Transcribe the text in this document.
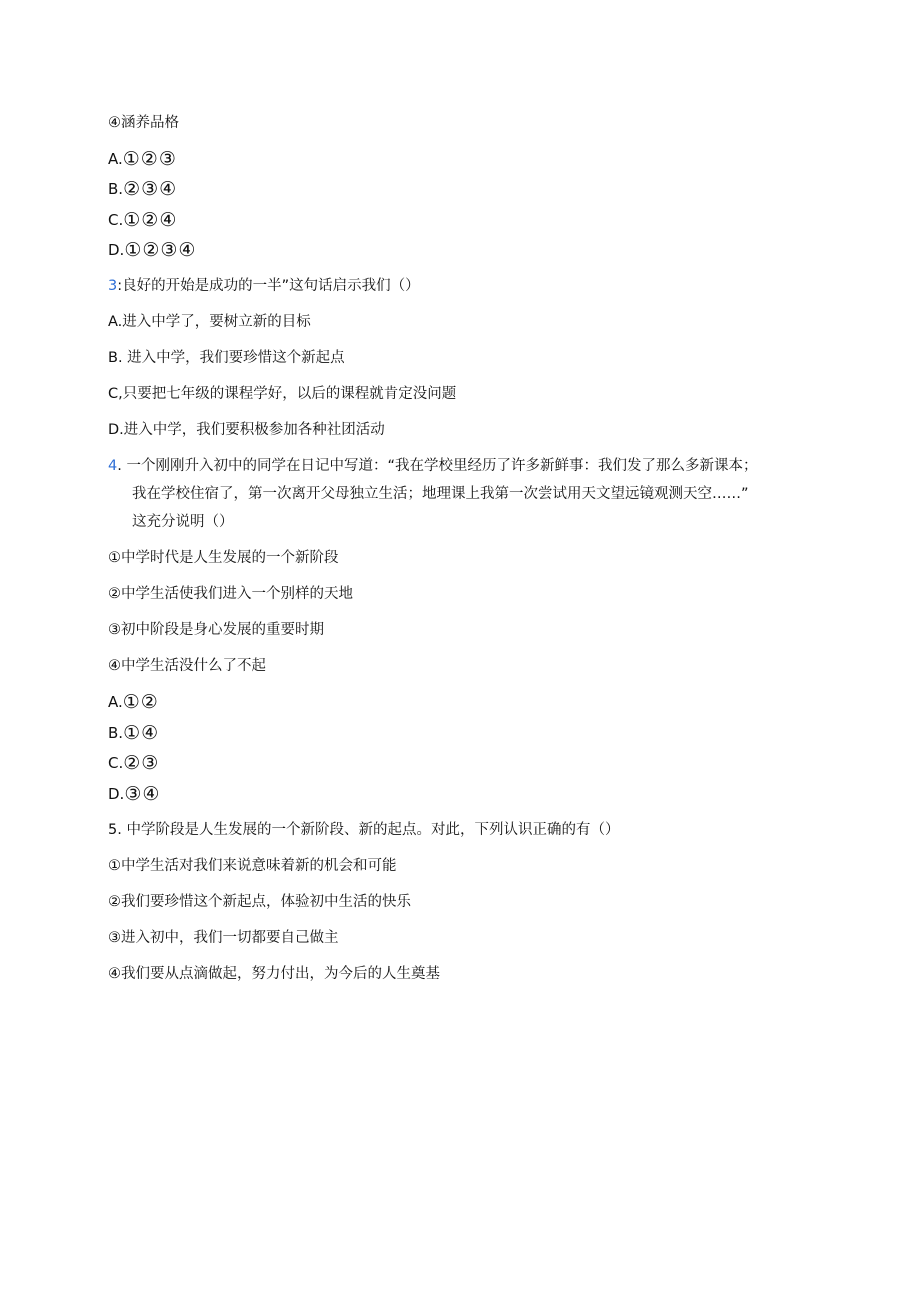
④涵养品格
A.①②③
B.②③④
C.①②④
D.①②③④
3:良好的开始是成功的一半”这句话启示我们（）
A.进入中学了，要树立新的目标
B. 进入中学，我们要珍惜这个新起点
C,只要把七年级的课程学好，以后的课程就肯定没问题
D.进入中学，我们要积极参加各种社团活动
4. 一个刚刚升入初中的同学在日记中写道：“我在学校里经历了许多新鲜事：我们发了那么多新课本；
我在学校住宿了，第一次离开父母独立生活；地理课上我第一次尝试用天文望远镜观测天空……”
这充分说明（）
①中学时代是人生发展的一个新阶段
②中学生活使我们进入一个别样的天地
③初中阶段是身心发展的重要时期
④中学生活没什么了不起
A.①②
B.①④
C.②③
D.③④
5. 中学阶段是人生发展的一个新阶段、新的起点。对此，下列认识正确的有（）
①中学生活对我们来说意味着新的机会和可能
②我们要珍惜这个新起点，体验初中生活的快乐
③进入初中，我们一切都要自己做主
④我们要从点滴做起，努力付出，为今后的人生奠基
